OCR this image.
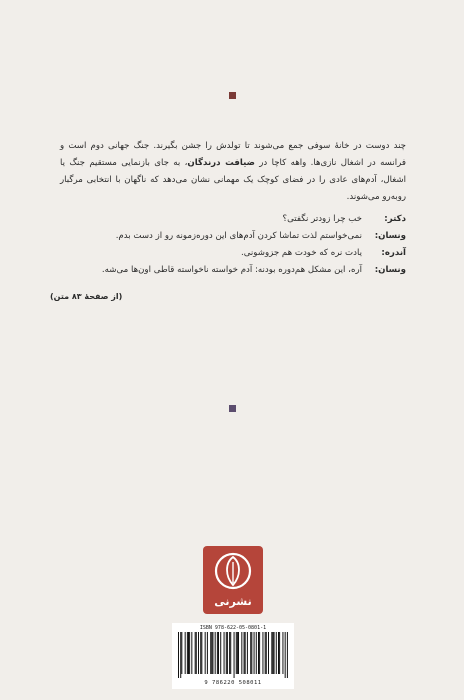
چند دوست در خانهٔ سوفی جمع می‌شوند تا تولدش را جشن بگیرند. جنگ جهانی دوم است و فرانسه در اشغال نازی‌ها. واهه کاچا در ضیافت درندگان، به جای بازنمایی مستقیم جنگ یا اشغال، آدم‌های عادی را در فضای کوچک یک مهمانی نشان می‌دهد که ناگهان با انتخابی مرگبار روبه‌رو می‌شوند.
دکتر:
خب چرا زودتر نگفتی؟
ونسان:
نمی‌خواستم لذت تماشا کردن آدم‌های این دوره‌زمونه رو از دست بدم.
آندره:
یادت نره که خودت هم جزوشونی.
ونسان:
آره، این مشکل هم‌دوره بودنه: آدم خواسته ناخواسته قاطی اون‌ها می‌شه.
(از صفحهٔ ۸۳ متن)
نشرنی
ISBN 978-622-05-0801-1
9 786220 508011
